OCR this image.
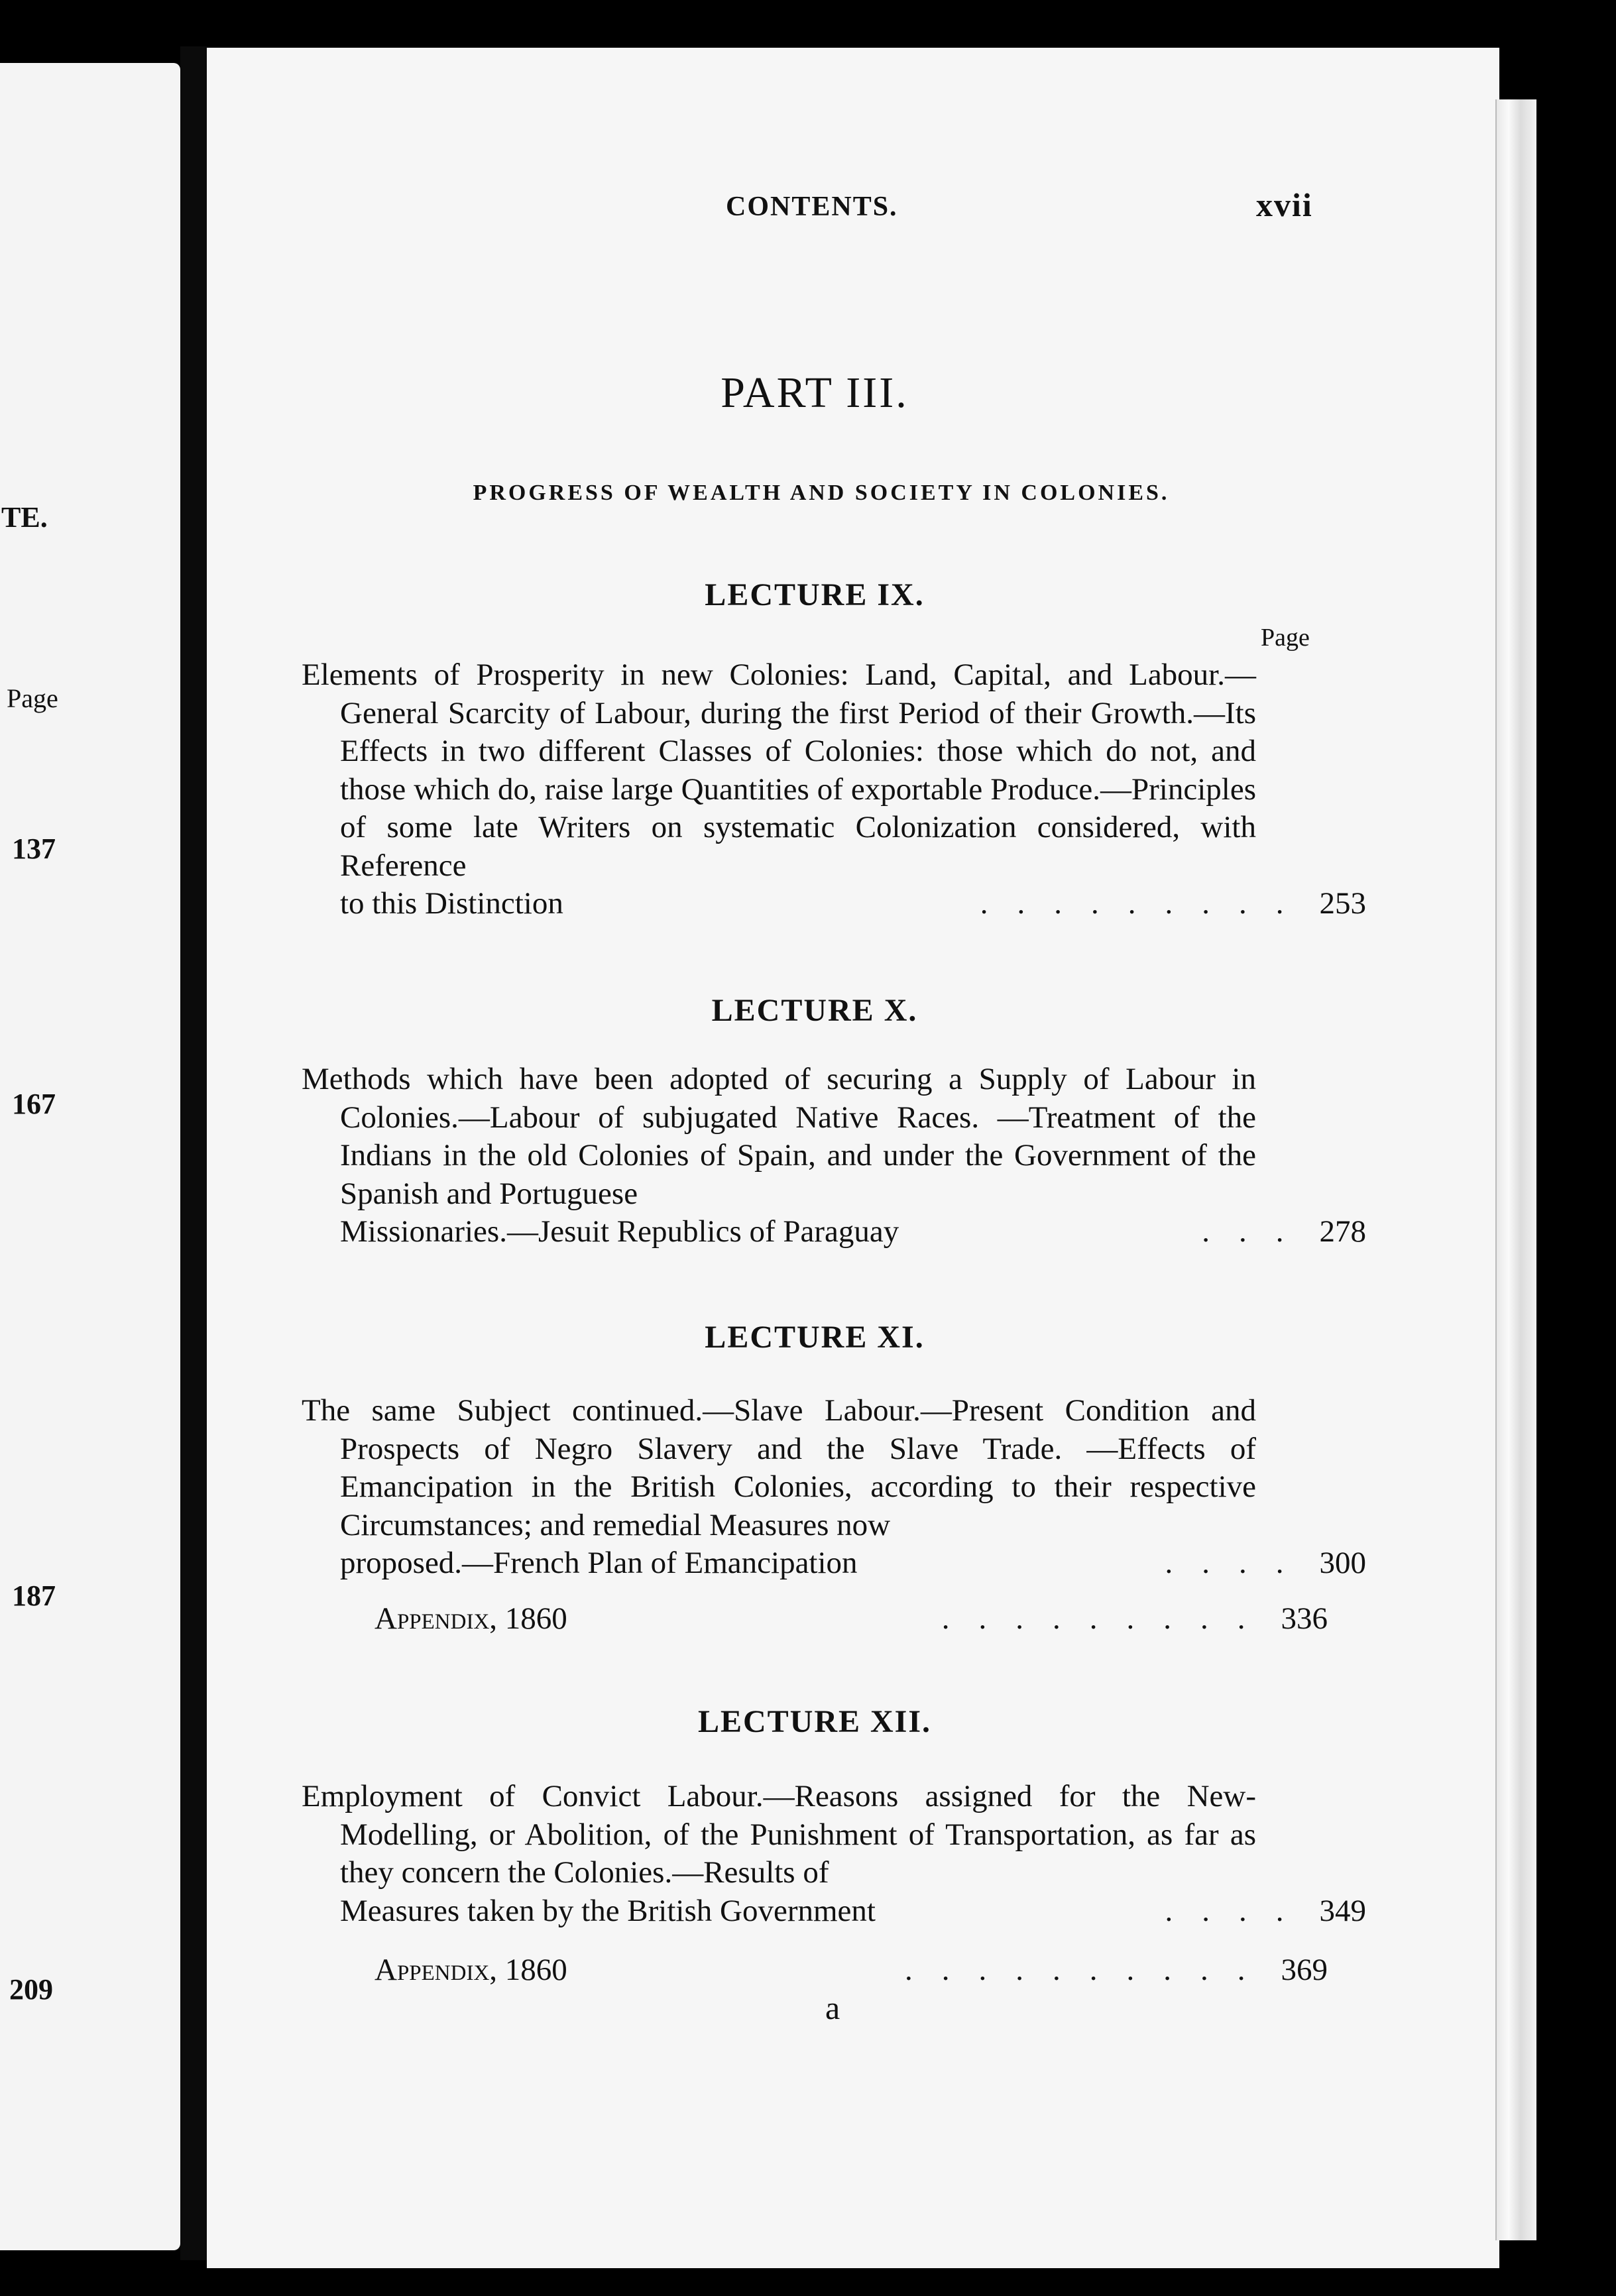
TE.
Page
137
167
187
209
CONTENTS.	xvii
PART III.
PROGRESS OF WEALTH AND SOCIETY IN COLONIES.
Page
LECTURE IX.

Elements of Prosperity in new Colonies: Land, Capital, and Labour.—General Scarcity of Labour, during the first Period of their Growth.—Its Effects in two different Classes of Colonies: those which do not, and those which do, raise large Quantities of exportable Produce.—Principles of some late Writers on systematic Colonization considered, with Reference

to this Distinction	......... 253
LECTURE X.

Methods which have been adopted of securing a Supply of Labour in Colonies.—Labour of subjugated Native Races. —Treatment of the Indians in the old Colonies of Spain, and under the Government of the Spanish and Portuguese

Missionaries.—Jesuit Republics of Paraguay	... 278
LECTURE XI.

The same Subject continued.—Slave Labour.—Present Condition and Prospects of Negro Slavery and the Slave Trade. —Effects of Emancipation in the British Colonies, according to their respective Circumstances; and remedial Measures now

proposed.—French Plan of Emancipation	.... 300
Appendix, 1860	......... 336
LECTURE XII.

Employment of Convict Labour.—Reasons assigned for the New-Modelling, or Abolition, of the Punishment of Transportation, as far as they concern the Colonies.—Results of

Measures taken by the British Government	.... 349
Appendix, 1860	.......... 369
a
